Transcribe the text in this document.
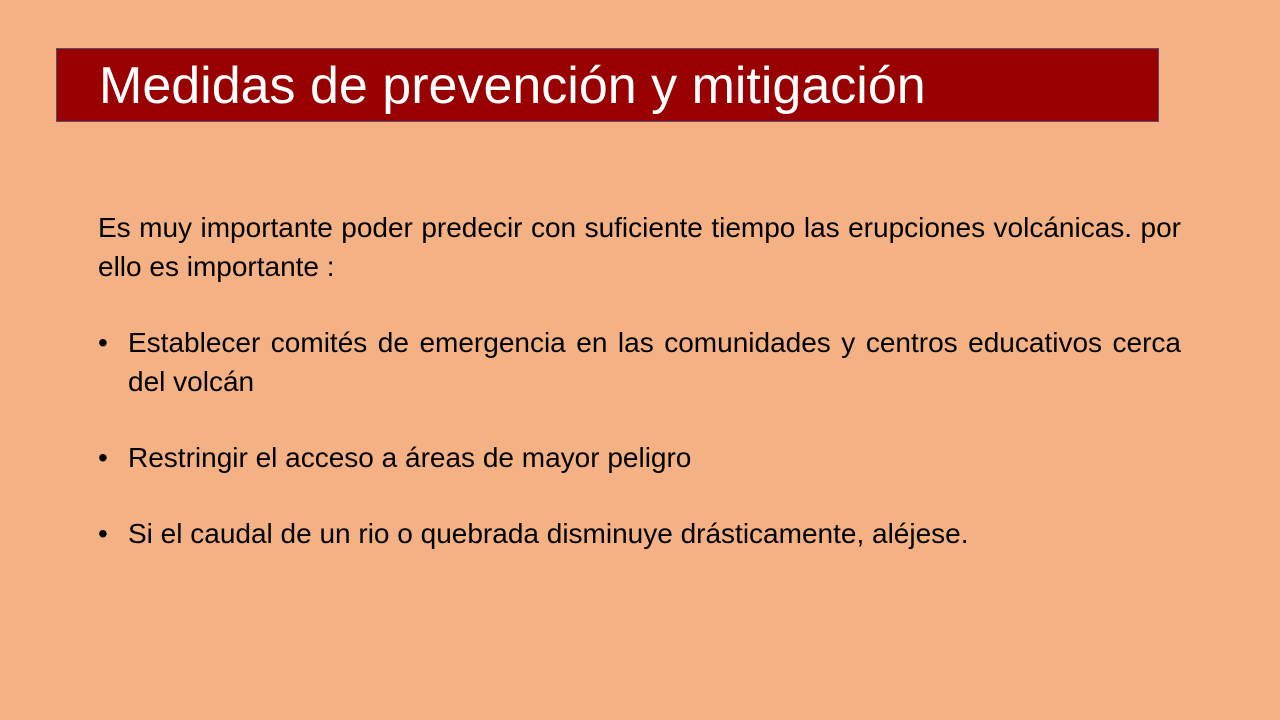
Medidas de prevención y mitigación

Es muy importante poder predecir con suficiente tiempo las erupciones volcánicas. por ello es importante :

• Establecer comités de emergencia en las comunidades y centros educativos cerca del volcán
• Restringir el acceso a áreas de mayor peligro
• Si el caudal de un rio o quebrada disminuye drásticamente, aléjese.
